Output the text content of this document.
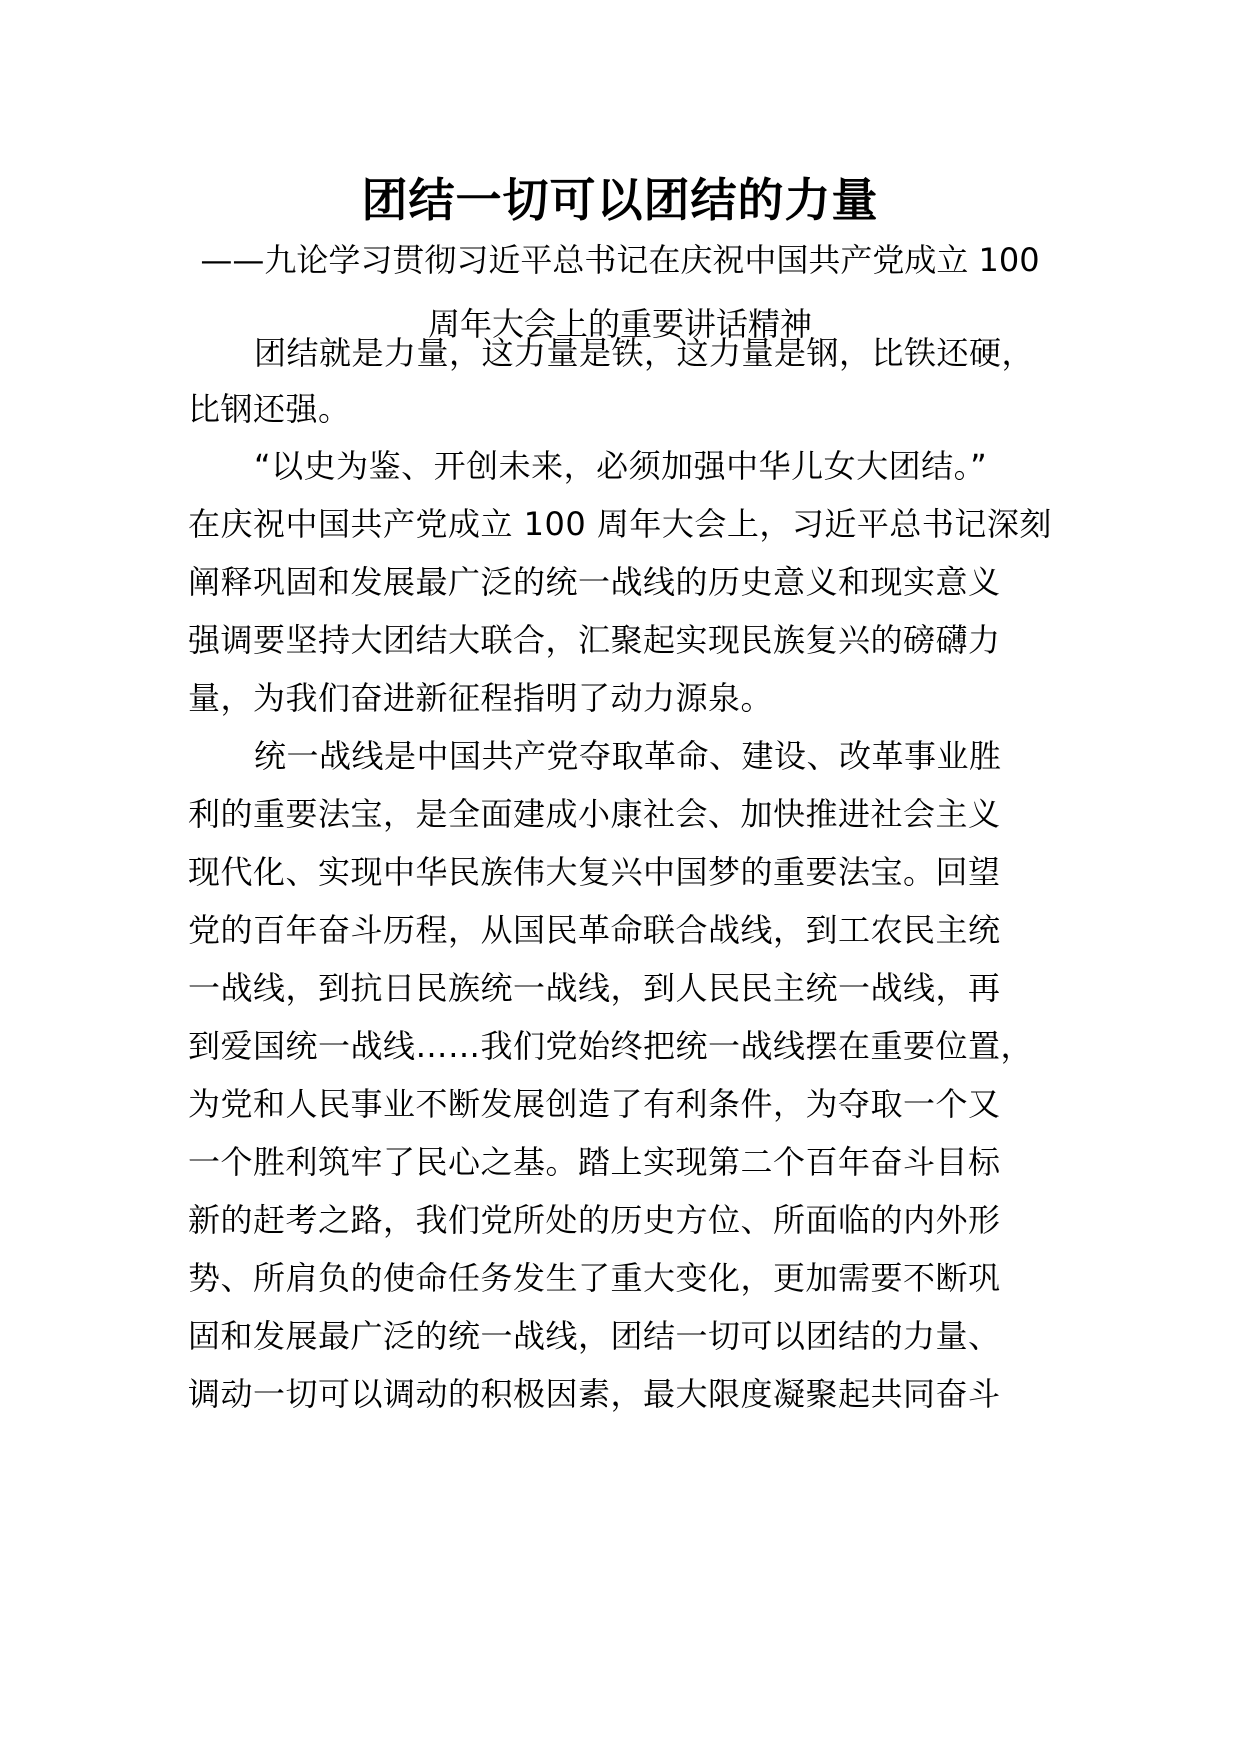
团结一切可以团结的力量
——九论学习贯彻习近平总书记在庆祝中国共产党成立 100
周年大会上的重要讲话精神
团结就是力量，这力量是铁，这力量是钢，比铁还硬，
比钢还强。
“以史为鉴、开创未来，必须加强中华儿女大团结。”
在庆祝中国共产党成立 100 周年大会上，习近平总书记深刻
阐释巩固和发展最广泛的统一战线的历史意义和现实意义
强调要坚持大团结大联合，汇聚起实现民族复兴的磅礴力
量，为我们奋进新征程指明了动力源泉。
统一战线是中国共产党夺取革命、建设、改革事业胜
利的重要法宝，是全面建成小康社会、加快推进社会主义
现代化、实现中华民族伟大复兴中国梦的重要法宝。回望
党的百年奋斗历程，从国民革命联合战线，到工农民主统
一战线，到抗日民族统一战线，到人民民主统一战线，再
到爱国统一战线……我们党始终把统一战线摆在重要位置，
为党和人民事业不断发展创造了有利条件，为夺取一个又
一个胜利筑牢了民心之基。踏上实现第二个百年奋斗目标
新的赶考之路，我们党所处的历史方位、所面临的内外形
势、所肩负的使命任务发生了重大变化，更加需要不断巩
固和发展最广泛的统一战线，团结一切可以团结的力量、
调动一切可以调动的积极因素，最大限度凝聚起共同奋斗
